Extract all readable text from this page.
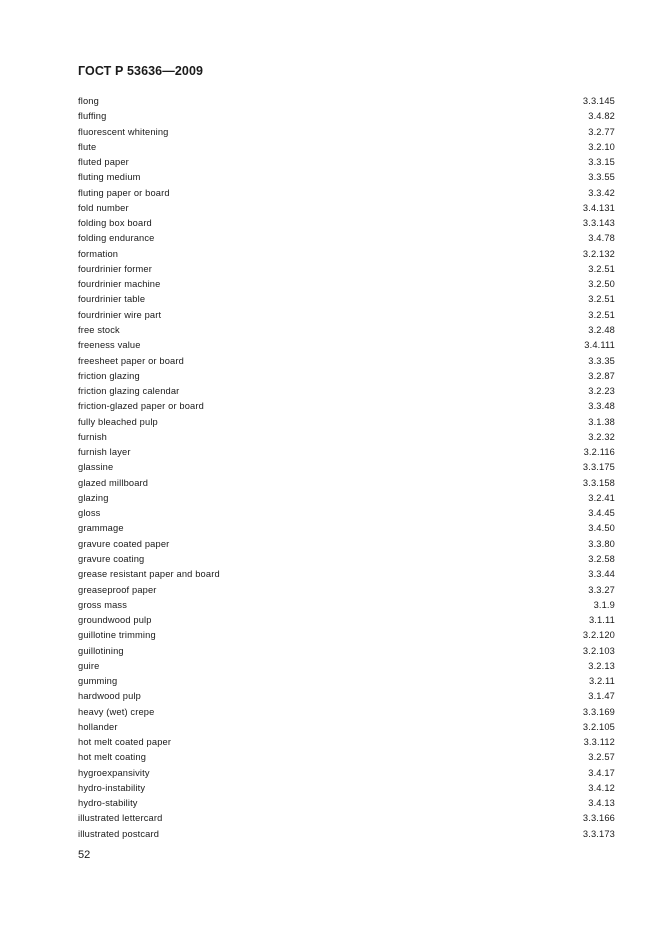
ГОСТ Р 53636—2009
flong	3.3.145
fluffing	3.4.82
fluorescent whitening	3.2.77
flute	3.2.10
fluted paper	3.3.15
fluting medium	3.3.55
fluting paper or board	3.3.42
fold number	3.4.131
folding box board	3.3.143
folding endurance	3.4.78
formation	3.2.132
fourdrinier former	3.2.51
fourdrinier machine	3.2.50
fourdrinier table	3.2.51
fourdrinier wire part	3.2.51
free stock	3.2.48
freeness value	3.4.111
freesheet paper or board	3.3.35
friction glazing	3.2.87
friction glazing calendar	3.2.23
friction-glazed paper or board	3.3.48
fully bleached pulp	3.1.38
furnish	3.2.32
furnish layer	3.2.116
glassine	3.3.175
glazed millboard	3.3.158
glazing	3.2.41
gloss	3.4.45
grammage	3.4.50
gravure coated paper	3.3.80
gravure coating	3.2.58
grease resistant paper and board	3.3.44
greaseproof paper	3.3.27
gross mass	3.1.9
groundwood pulp	3.1.11
guillotine trimming	3.2.120
guillotining	3.2.103
guire	3.2.13
gumming	3.2.11
hardwood pulp	3.1.47
heavy (wet) crepe	3.3.169
hollander	3.2.105
hot melt coated paper	3.3.112
hot melt coating	3.2.57
hygroexpansivity	3.4.17
hydro-instability	3.4.12
hydro-stability	3.4.13
illustrated lettercard	3.3.166
illustrated postcard	3.3.173
52
